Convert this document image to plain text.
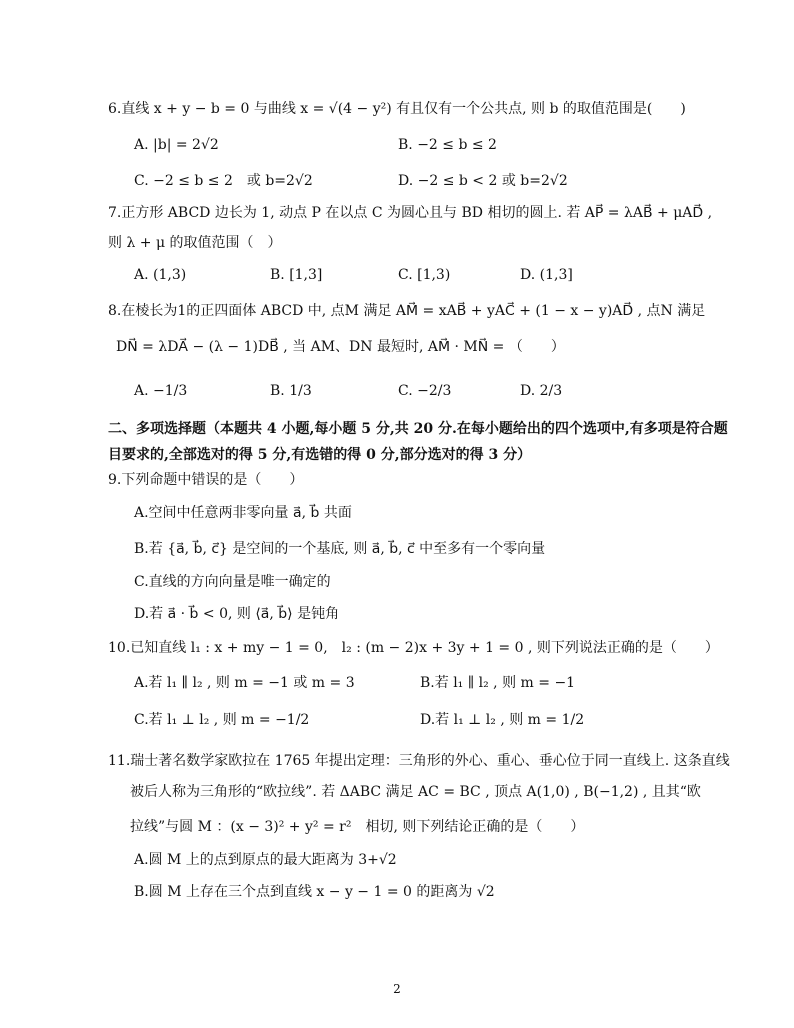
6.直线 x + y − b = 0 与曲线 x = √(4 − y²) 有且仅有一个公共点, 则 b 的取值范围是(　　)
A. |b| = 2√2	B. −2 ≤ b ≤ 2
C. −2 ≤ b ≤ 2　或 b=2√2	D. −2 ≤ b < 2 或 b=2√2
7.正方形 ABCD 边长为 1, 动点 P 在以点 C 为圆心且与 BD 相切的圆上. 若 AP⃗ = λAB⃗ + μAD⃗ ,
则 λ + μ 的取值范围（　）
A. (1,3)	B. [1,3]	C. [1,3)	D. (1,3]
8.在棱长为1的正四面体 ABCD 中, 点M 满足 AM⃗ = xAB⃗ + yAC⃗ + (1 − x − y)AD⃗ , 点N 满足
DN⃗ = λDA⃗ − (λ − 1)DB⃗ , 当 AM、DN 最短时, AM⃗ · MN⃗ = （　　）
A. −1/3	B. 1/3	C. −2/3	D. 2/3
二、多项选择题（本题共 4 小题,每小题 5 分,共 20 分.在每小题给出的四个选项中,有多项是符合题
目要求的,全部选对的得 5 分,有选错的得 0 分,部分选对的得 3 分）
9.下列命题中错误的是（　　）
A.空间中任意两非零向量 a⃗, b⃗ 共面
B.若 {a⃗, b⃗, c⃗} 是空间的一个基底, 则 a⃗, b⃗, c⃗ 中至多有一个零向量
C.直线的方向向量是唯一确定的
D.若 a⃗ · b⃗ < 0, 则 ⟨a⃗, b⃗⟩ 是钝角
10.已知直线 l₁ : x + my − 1 = 0,　l₂ : (m − 2)x + 3y + 1 = 0 , 则下列说法正确的是（　　）
A.若 l₁ ∥ l₂ , 则 m = −1 或 m = 3	B.若 l₁ ∥ l₂ , 则 m = −1
C.若 l₁ ⊥ l₂ , 则 m = −1/2	D.若 l₁ ⊥ l₂ , 则 m = 1/2
11.瑞士著名数学家欧拉在 1765 年提出定理：三角形的外心、重心、垂心位于同一直线上. 这条直线
被后人称为三角形的“欧拉线”. 若 ΔABC 满足 AC = BC , 顶点 A(1,0) , B(−1,2) , 且其“欧
拉线”与圆 M ：(x − 3)² + y² = r²　相切, 则下列结论正确的是（　　）
A.圆 M 上的点到原点的最大距离为 3+√2
B.圆 M 上存在三个点到直线 x − y − 1 = 0 的距离为 √2
2
